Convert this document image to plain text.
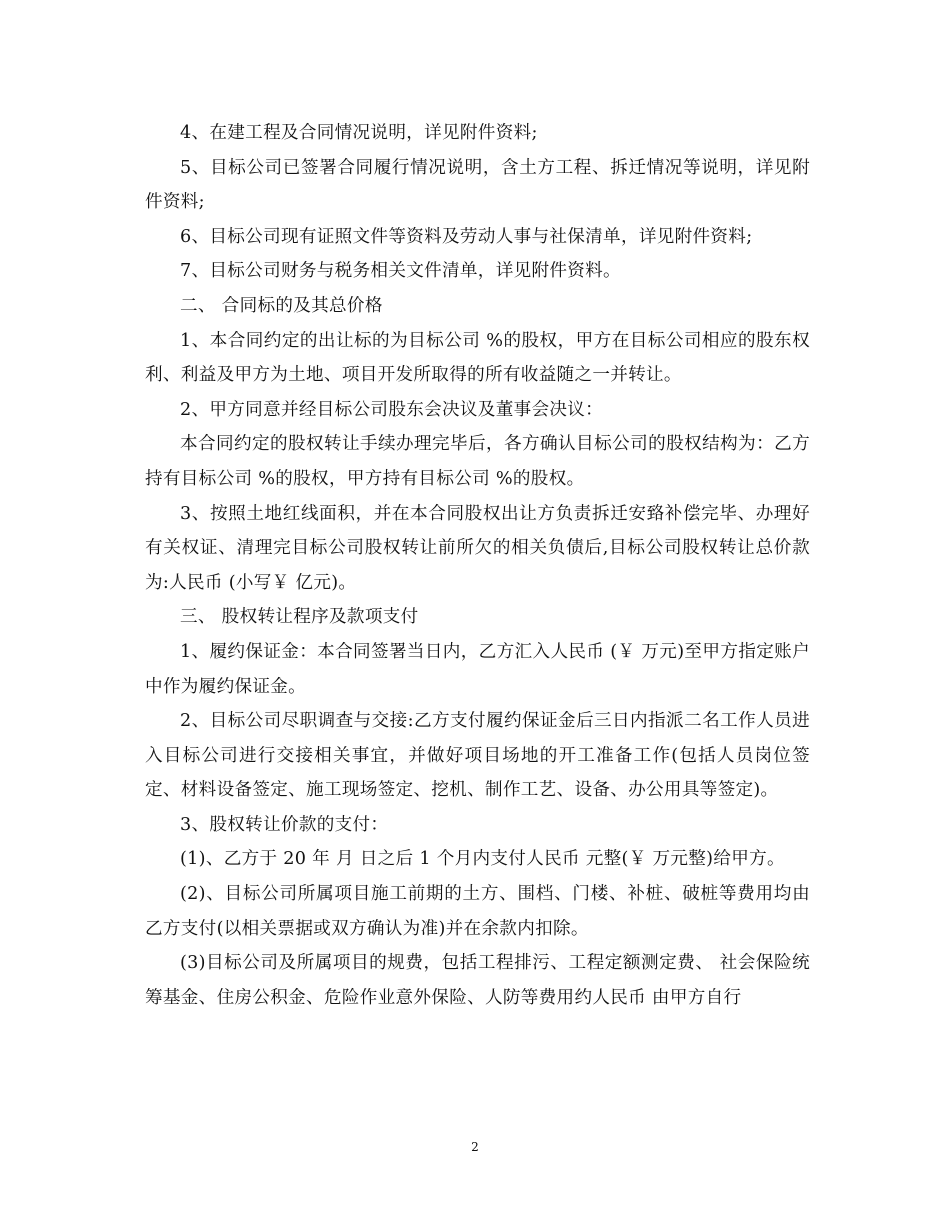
4、在建工程及合同情况说明，详见附件资料;

5、目标公司已签署合同履行情况说明，含土方工程、拆迁情况等说明，详见附件资料;

6、目标公司现有证照文件等资料及劳动人事与社保清单，详见附件资料;

7、目标公司财务与税务相关文件清单，详见附件资料。

二、 合同标的及其总价格

1、本合同约定的出让标的为目标公司 %的股权，甲方在目标公司相应的股东权利、利益及甲方为土地、项目开发所取得的所有收益随之一并转让。

2、甲方同意并经目标公司股东会决议及董事会决议：

本合同约定的股权转让手续办理完毕后，各方确认目标公司的股权结构为：乙方持有目标公司 %的股权，甲方持有目标公司 %的股权。

3、按照土地红线面积，并在本合同股权出让方负责拆迁安臵补偿完毕、办理好有关权证、清理完目标公司股权转让前所欠的相关负债后,目标公司股权转让总价款为:人民币 (小写￥ 亿元)。

三、 股权转让程序及款项支付

1、履约保证金：本合同签署当日内，乙方汇入人民币 (￥ 万元)至甲方指定账户中作为履约保证金。

2、目标公司尽职调查与交接:乙方支付履约保证金后三日内指派二名工作人员进入目标公司进行交接相关事宜，并做好项目场地的开工准备工作(包括人员岗位签定、材料设备签定、施工现场签定、挖机、制作工艺、设备、办公用具等签定)。

3、股权转让价款的支付：

(1)、乙方于 20 年 月 日之后 1 个月内支付人民币 元整(￥ 万元整)给甲方。

(2)、目标公司所属项目施工前期的土方、围档、门楼、补桩、破桩等费用均由乙方支付(以相关票据或双方确认为准)并在余款内扣除。

(3)目标公司及所属项目的规费，包括工程排污、工程定额测定费、 社会保险统筹基金、住房公积金、危险作业意外保险、人防等费用约人民币 由甲方自行

2
